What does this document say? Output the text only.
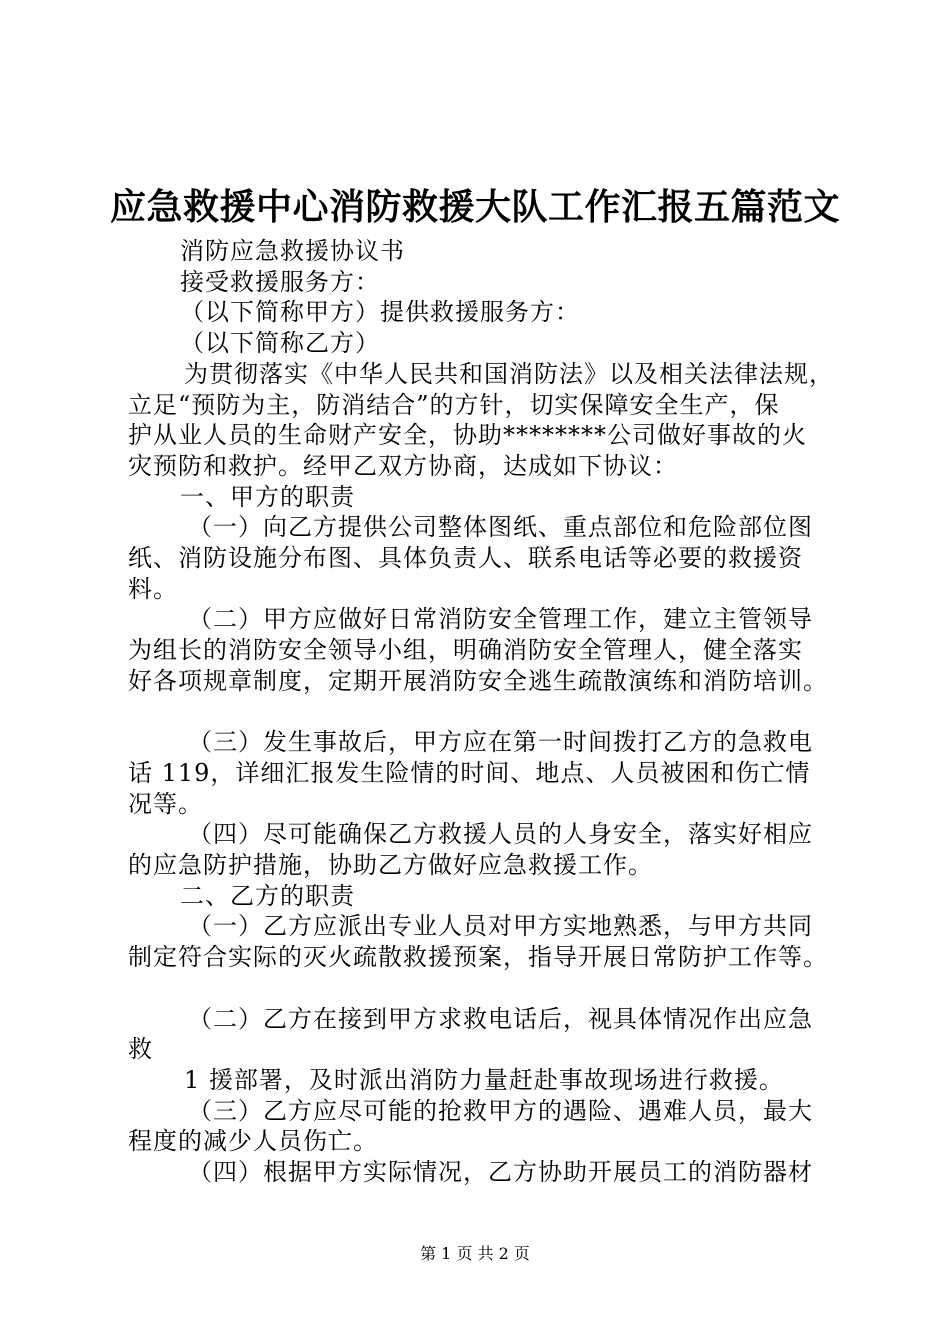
应急救援中心消防救援大队工作汇报五篇范文

消防应急救援协议书

接受救援服务方：

（以下简称甲方）提供救援服务方：

（以下简称乙方）

为贯彻落实《中华人民共和国消防法》以及相关法律法规，

立足“预防为主，防消结合”的方针，切实保障安全生产，保

护从业人员的生命财产安全，协助********公司做好事故的火

灾预防和救护。经甲乙双方协商，达成如下协议：

一、甲方的职责

（一）向乙方提供公司整体图纸、重点部位和危险部位图

纸、消防设施分布图、具体负责人、联系电话等必要的救援资

料。

（二）甲方应做好日常消防安全管理工作，建立主管领导

为组长的消防安全领导小组，明确消防安全管理人，健全落实

好各项规章制度，定期开展消防安全逃生疏散演练和消防培训。

（三）发生事故后，甲方应在第一时间拨打乙方的急救电

话 119，详细汇报发生险情的时间、地点、人员被困和伤亡情

况等。

（四）尽可能确保乙方救援人员的人身安全，落实好相应

的应急防护措施，协助乙方做好应急救援工作。

二、乙方的职责

（一）乙方应派出专业人员对甲方实地熟悉，与甲方共同

制定符合实际的灭火疏散救援预案，指导开展日常防护工作等。

（二）乙方在接到甲方求救电话后，视具体情况作出应急

救

1 援部署，及时派出消防力量赶赴事故现场进行救援。

（三）乙方应尽可能的抢救甲方的遇险、遇难人员，最大

程度的减少人员伤亡。

（四）根据甲方实际情况，乙方协助开展员工的消防器材

第 1 页 共 2 页
